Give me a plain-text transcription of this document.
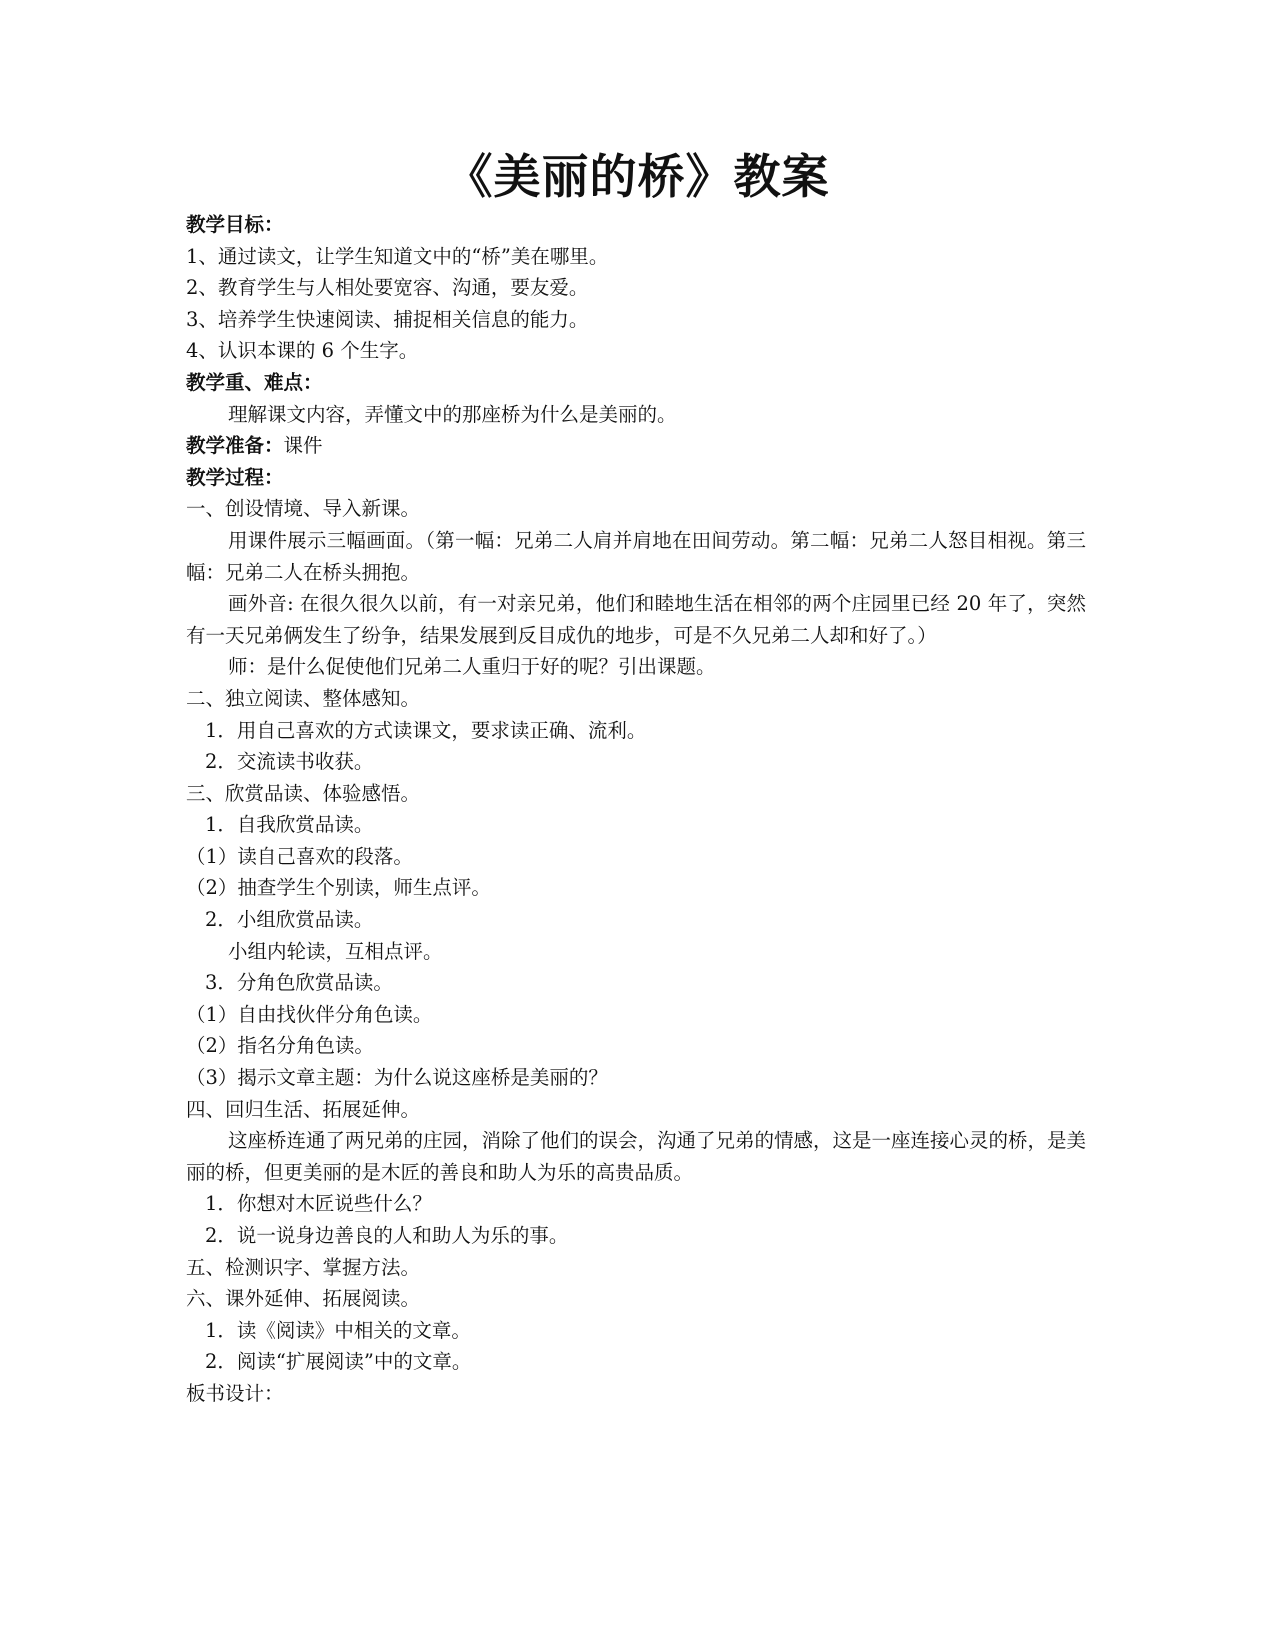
《美丽的桥》教案
教学目标：
1、通过读文，让学生知道文中的“桥”美在哪里。
2、教育学生与人相处要宽容、沟通，要友爱。
3、培养学生快速阅读、捕捉相关信息的能力。
4、认识本课的 6 个生字。
教学重、难点：
理解课文内容，弄懂文中的那座桥为什么是美丽的。
教学准备：课件
教学过程：
一、创设情境、导入新课。
用课件展示三幅画面。（第一幅：兄弟二人肩并肩地在田间劳动。第二幅：兄弟二人怒目相视。第三幅：兄弟二人在桥头拥抱。
画外音: 在很久很久以前，有一对亲兄弟，他们和睦地生活在相邻的两个庄园里已经 20 年了，突然有一天兄弟俩发生了纷争，结果发展到反目成仇的地步，可是不久兄弟二人却和好了。）
师：是什么促使他们兄弟二人重归于好的呢？引出课题。
二、独立阅读、整体感知。
1．用自己喜欢的方式读课文，要求读正确、流利。
2．交流读书收获。
三、欣赏品读、体验感悟。
1．自我欣赏品读。
（1）读自己喜欢的段落。
（2）抽查学生个别读，师生点评。
2．小组欣赏品读。
小组内轮读，互相点评。
3．分角色欣赏品读。
（1）自由找伙伴分角色读。
（2）指名分角色读。
（3）揭示文章主题：为什么说这座桥是美丽的？
四、回归生活、拓展延伸。
这座桥连通了两兄弟的庄园，消除了他们的误会，沟通了兄弟的情感，这是一座连接心灵的桥，是美丽的桥，但更美丽的是木匠的善良和助人为乐的高贵品质。
1．你想对木匠说些什么？
2．说一说身边善良的人和助人为乐的事。
五、检测识字、掌握方法。
六、课外延伸、拓展阅读。
1．读《阅读》中相关的文章。
2．阅读“扩展阅读”中的文章。
板书设计：
